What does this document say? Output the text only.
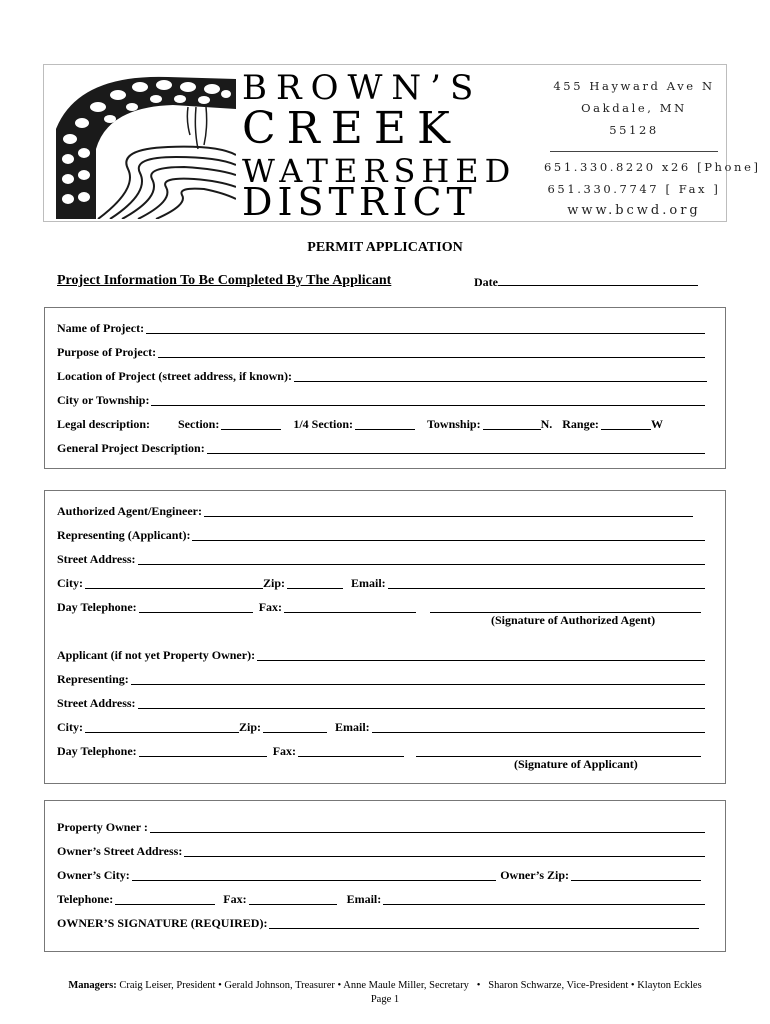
BROWN’S
CREEK
WATERSHED
DISTRICT
455 Hayward Ave N
Oakdale, MN
55128
651.330.8220 x26 [Phone]
651.330.7747 [ Fax ]
www.bcwd.org
PERMIT APPLICATION
Project Information To Be Completed By The Applicant	Date
Name of Project:
Purpose of Project:
Location of Project (street address, if known):
City or Township:
Legal description: Section:	1/4 Section:	Township:	N. Range:	W
General Project Description:
Authorized Agent/Engineer:
Representing (Applicant):
Street Address:
City:	Zip:	Email:
Day Telephone:	Fax:
(Signature of Authorized Agent)
Applicant (if not yet Property Owner):
Representing:
Street Address:
City:	Zip:	Email:
Day Telephone:	Fax:
(Signature of Applicant)
Property Owner :
Owner’s Street Address:
Owner’s City:	Owner’s Zip:
Telephone:	Fax:	Email:
OWNER’S SIGNATURE (REQUIRED):
Managers: Craig Leiser, President • Gerald Johnson, Treasurer • Anne Maule Miller, Secretary • Sharon Schwarze, Vice-President • Klayton Eckles
Page 1
